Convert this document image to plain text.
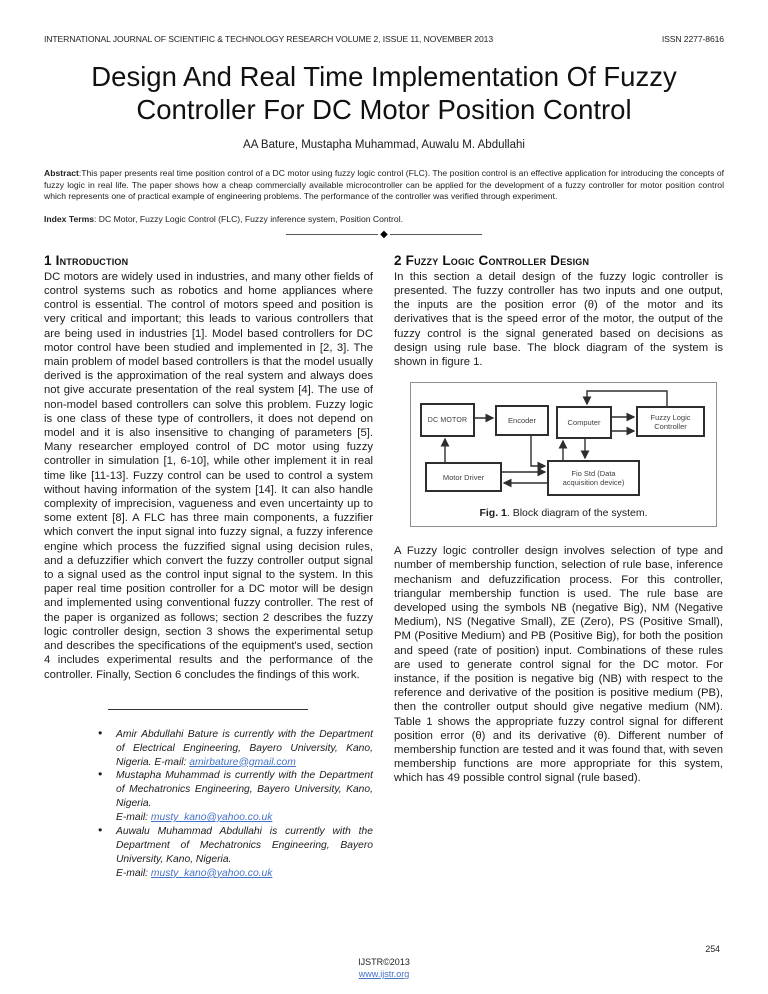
INTERNATIONAL JOURNAL OF SCIENTIFIC & TECHNOLOGY RESEARCH VOLUME 2, ISSUE 11, NOVEMBER 2013	ISSN 2277-8616
Design And Real Time Implementation Of Fuzzy Controller For DC Motor Position Control
AA Bature, Mustapha Muhammad, Auwalu M. Abdullahi
Abstract:This paper presents real time position control of a DC motor using fuzzy logic control (FLC). The position control is an effective application for introducing the concepts of fuzzy logic in real life. The paper shows how a cheap commercially available microcontroller can be applied for the development of a fuzzy controller for motor position control which represents one of practical example of engineering problems. The performance of the controller was verified through experiment.
Index Terms: DC Motor, Fuzzy Logic Control (FLC), Fuzzy inference system, Position Control.
◆
1 Introduction
DC motors are widely used in industries, and many other fields of control systems such as robotics and home appliances where control is essential. The control of motors speed and position is very critical and important; this leads to various controllers that are being used in industries [1]. Model based controllers for DC motor control have been studied and implemented in [2, 3]. The main problem of model based controllers is that the model usually derived is the approximation of the real system and always does not give accurate presentation of the real system [4]. The use of non-model based controllers can solve this problem. Fuzzy logic is one class of these type of controllers, it does not depend on model and it is also insensitive to changing of parameters [5]. Many researcher employed control of DC motor using fuzzy controller in simulation [1, 6-10], while other implement it in real time like [11-13]. Fuzzy control can be used to control a system without having information of the system [14]. It can also handle complexity of imprecision, vagueness and even uncertainty up to some extent [8]. A FLC has three main components, a fuzzifier which convert the input signal into fuzzy signal, a fuzzy inference engine which process the fuzzified signal using decision rules, and a defuzzifier which convert the fuzzy controller output signal to a signal used as the control input signal to the system. In this paper real time position controller for a DC motor will be design and implemented using conventional fuzzy controller. The rest of the paper is organized as follows; section 2 describes the fuzzy logic controller design, section 3 shows the experimental setup and describes the specifications of the equipment's used, section 4 includes experimental results and the performance of the controller. Finally, Section 6 concludes the findings of this work.
• Amir Abdullahi Bature is currently with the Department of Electrical Engineering, Bayero University, Kano, Nigeria. E-mail: amirbature@gmail.com
• Mustapha Muhammad is currently with the Department of Mechatronics Engineering, Bayero University, Kano, Nigeria.
E-mail: musty_kano@yahoo.co.uk
• Auwalu Muhammad Abdullahi is currently with the Department of Mechatronics Engineering, Bayero University, Kano, Nigeria.
E-mail: musty_kano@yahoo.co.uk
2 Fuzzy Logic Controller Design
In this section a detail design of the fuzzy logic controller is presented. The fuzzy controller has two inputs and one output, the inputs are the position error (θ) of the motor and its derivatives that is the speed error of the motor, the output of the fuzzy control is the signal generated based on decisions as design using rule base. The block diagram of the system is shown in figure 1.
DC MOTOR	Encoder	Computer
Fuzzy Logic
Controller
Motor Driver	Fio Std (Data
acquisition device)
Fig. 1. Block diagram of the system.
A Fuzzy logic controller design involves selection of type and number of membership function, selection of rule base, inference mechanism and defuzzification process. For this controller, triangular membership function is used. The rule base are developed using the symbols NB (negative Big), NM (Negative Medium), NS (Negative Small), ZE (Zero), PS (Positive Small), PM (Positive Medium) and PB (Positive Big), for both the position and speed (rate of position) input. Combinations of these rules are used to generate control signal for the DC motor. For instance, if the position is negative big (NB) with respect to the reference and derivative of the position is positive medium (PB), then the controller output should give negative medium (NM). Table 1 shows the appropriate fuzzy control signal for different position error (θ) and its derivative (θ). Different number of membership function are tested and it was found that, with seven membership functions are more appropriate for this system, which has 49 possible control signal (rule based).
254
IJSTR©2013
www.ijstr.org
